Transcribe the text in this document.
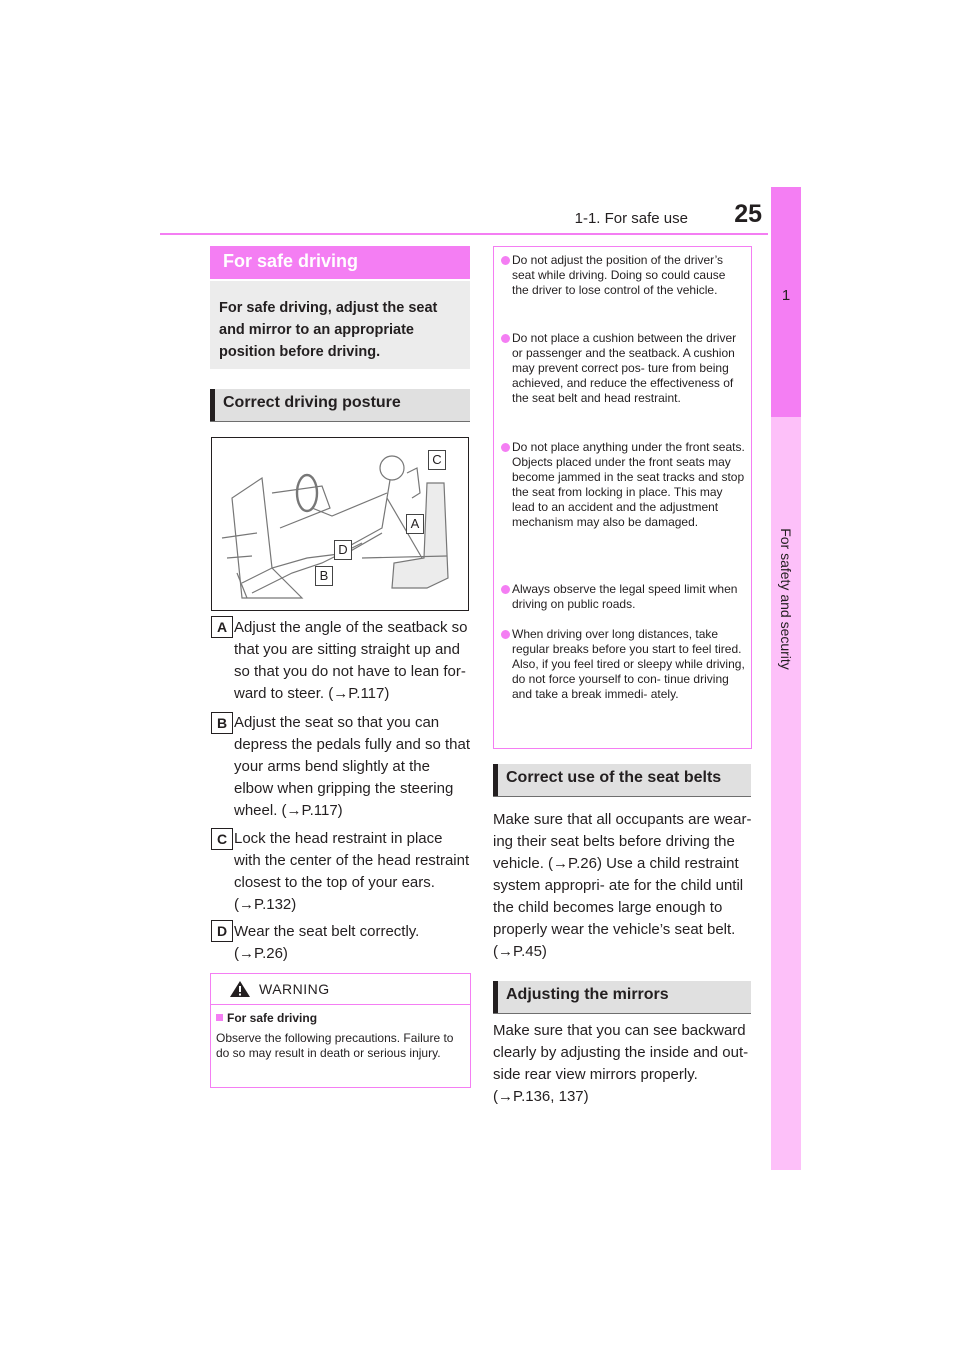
1-1. For safe use	25
1
For safety and security
For safe driving
For safe driving, adjust the seat and mirror to an appropriate position before driving.
Correct driving posture
C
A
D
B
A Adjust the angle of the seatback so that you are sitting straight up and so that you do not have to lean for- ward to steer. (→P.117)
B Adjust the seat so that you can depress the pedals fully and so that your arms bend slightly at the elbow when gripping the steering wheel. (→P.117)
C Lock the head restraint in place with the center of the head restraint closest to the top of your ears. (→P.132)
D Wear the seat belt correctly. (→P.26)
WARNING
For safe driving
Observe the following precautions. Failure to do so may result in death or serious injury.
Do not adjust the position of the driver’s seat while driving. Doing so could cause the driver to lose control of the vehicle.
Do not place a cushion between the driver or passenger and the seatback. A cushion may prevent correct pos- ture from being achieved, and reduce the effectiveness of the seat belt and head restraint.
Do not place anything under the front seats. Objects placed under the front seats may become jammed in the seat tracks and stop the seat from locking in place. This may lead to an accident and the adjustment mechanism may also be damaged.
Always observe the legal speed limit when driving on public roads.
When driving over long distances, take regular breaks before you start to feel tired. Also, if you feel tired or sleepy while driving, do not force yourself to con- tinue driving and take a break immedi- ately.
Correct use of the seat belts
Make sure that all occupants are wear- ing their seat belts before driving the vehicle. (→P.26) Use a child restraint system appropri- ate for the child until the child becomes large enough to properly wear the vehicle’s seat belt. (→P.45)
Adjusting the mirrors
Make sure that you can see backward clearly by adjusting the inside and out- side rear view mirrors properly. (→P.136, 137)
